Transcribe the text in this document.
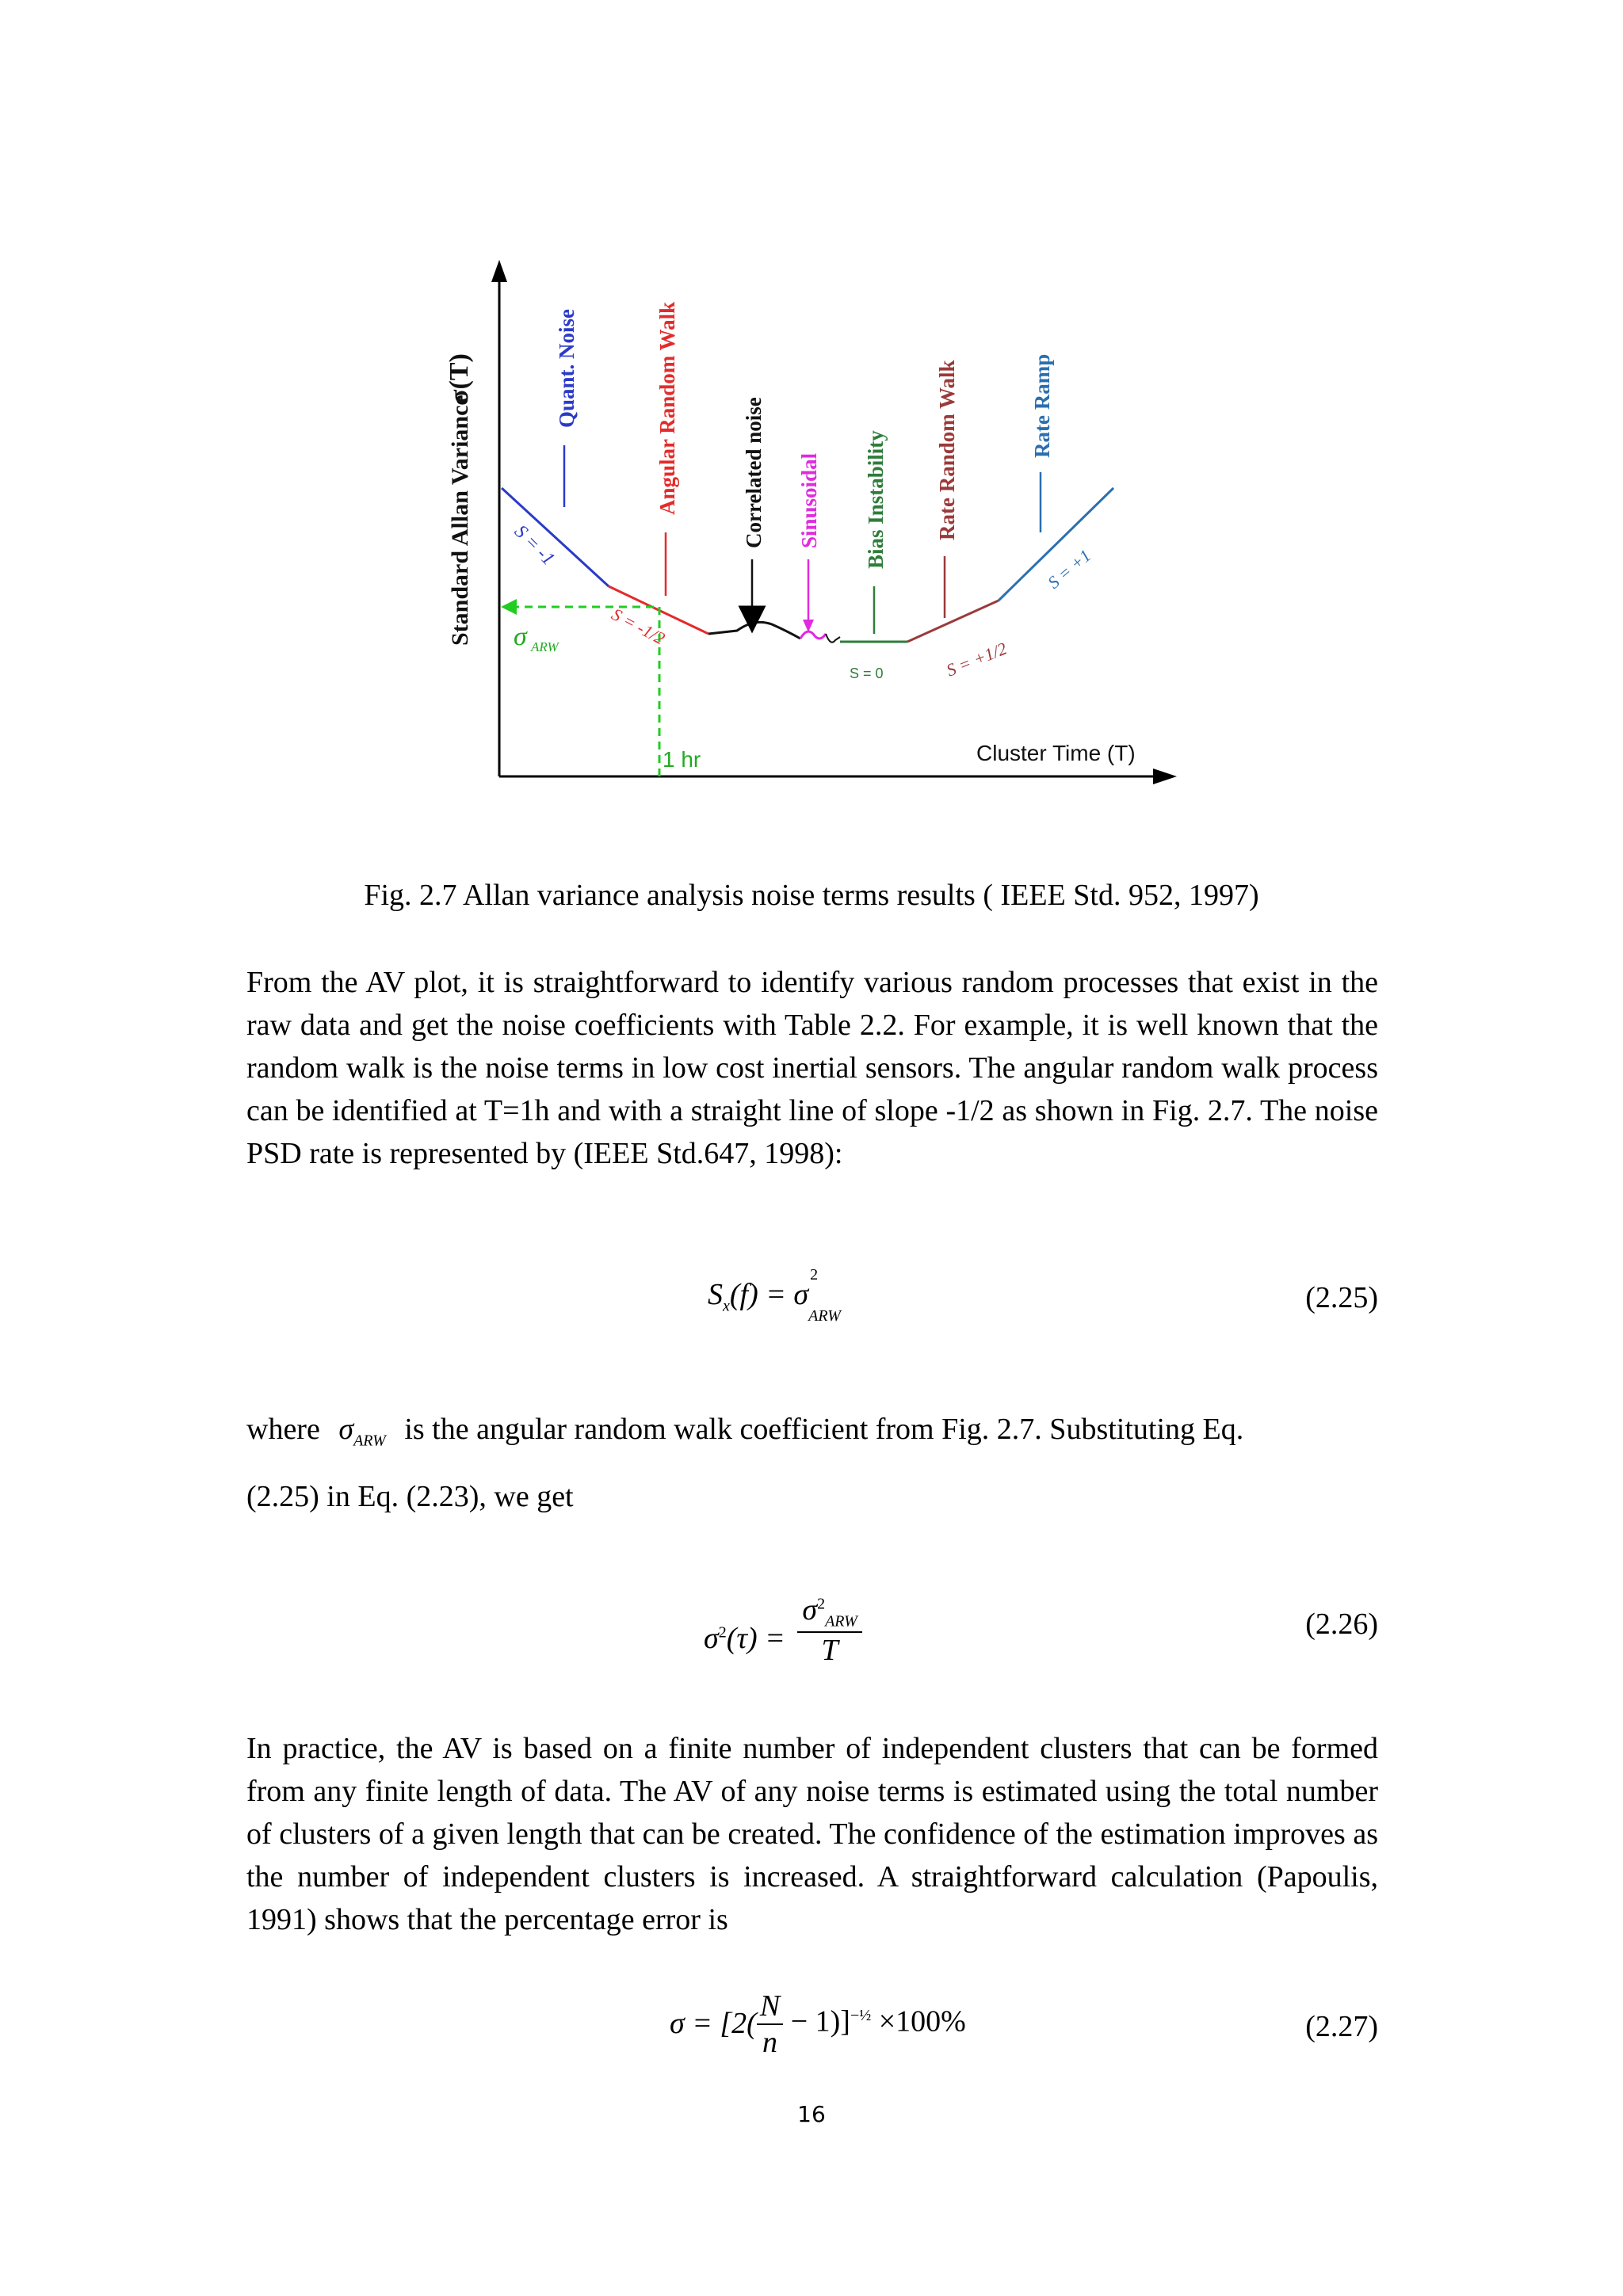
Standard Allan Variance
σ(T)
Cluster Time (T)
1 hr
σ ARW
Quant. Noise	Angular Random Walk	Correlated noise Sinusoidal Bias Instability Rate Random Walk	Rate Ramp
S = -1
S = -1/2
S = 0	S = +1/2
S = +1
Fig. 2.7 Allan variance analysis noise terms results ( IEEE Std. 952, 1997)

From the AV plot, it is straightforward to identify various random processes that exist in the raw data and get the noise coefficients with Table 2.2. For example, it is well known that the random walk is the noise terms in low cost inertial sensors. The angular random walk process can be identified at T=1h and with a straight line of slope -1/2 as shown in Fig. 2.7. The noise PSD rate is represented by (IEEE Std.647, 1998):

$S_x(f) = \sigma$
2
$_{ARW}$
(2.25)
where $\sigma_{ARW}$ is the angular random walk coefficient from Fig. 2.7. Substituting Eq.
(2.25) in Eq. (2.23), we get
$\sigma^2(\tau)$ =
$\sigma^2_{ARW}$
T
(2.26)

In practice, the AV is based on a finite number of independent clusters that can be formed from any finite length of data. The AV of any noise terms is estimated using the total number of clusters of a given length that can be created. The confidence of the estimation improves as the number of independent clusters is increased. A straightforward calculation (Papoulis, 1991) shows that the percentage error is

$\sigma = [2( \frac{N}{n} - 1)]^{-\frac{1}{2}} \times 100\%$	(2.27)
16
